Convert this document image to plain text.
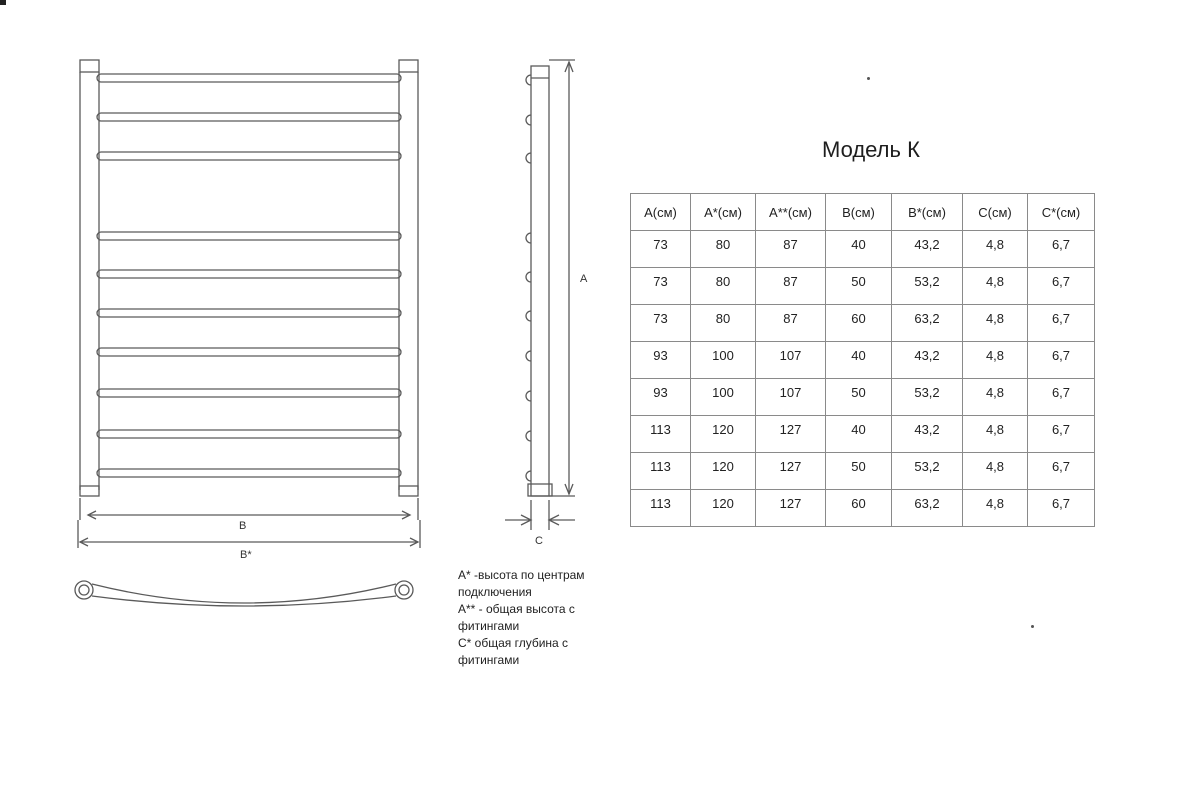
B
B*
A
C
A* -высота по центрам
подключения
A** - общая высота с
фитингами
C* общая глубина с
фитингами
Модель К
A(см)	A*(см)	A**(см)	B(см)	B*(см)	C(см)	C*(см)
73	80	87	40	43,2	4,8	6,7
73	80	87	50	53,2	4,8	6,7
73	80	87	60	63,2	4,8	6,7
93	100	107	40	43,2	4,8	6,7
93	100	107	50	53,2	4,8	6,7
113	120	127	40	43,2	4,8	6,7
113	120	127	50	53,2	4,8	6,7
113	120	127	60	63,2	4,8	6,7
